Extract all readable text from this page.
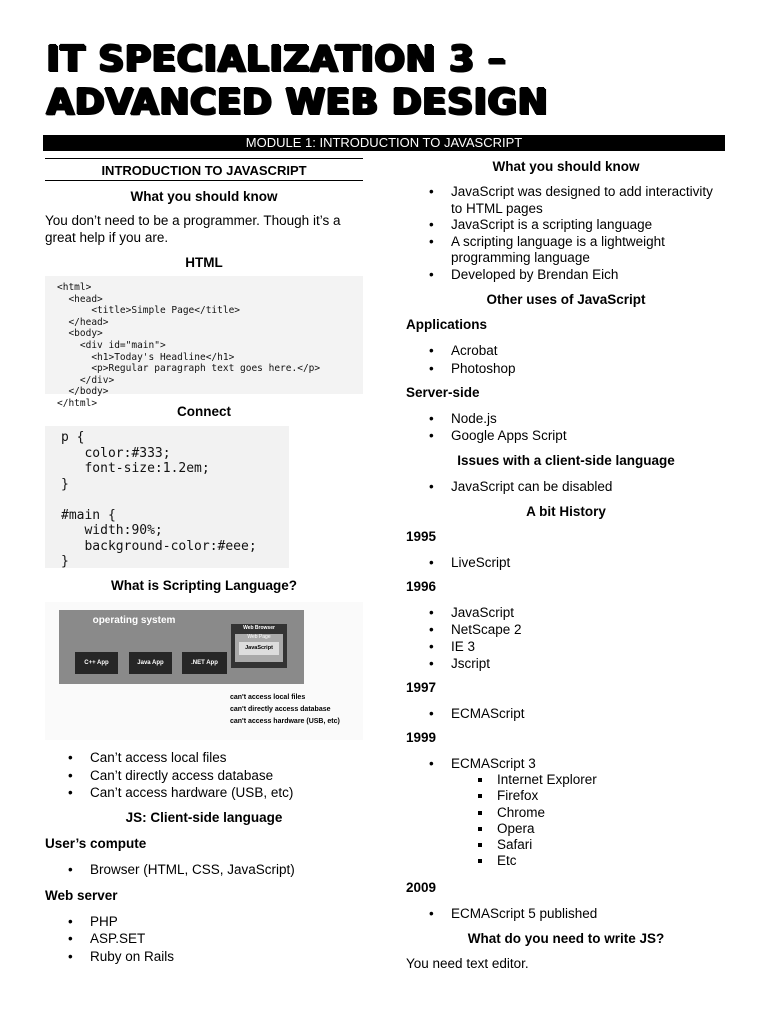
IT SPECIALIZATION 3 –
ADVANCED WEB DESIGN
MODULE 1: INTRODUCTION TO JAVASCRIPT
INTRODUCTION TO JAVASCRIPT

What you should know

You don’t need to be a programmer. Though it’s a great help if you are.

HTML

<html>
<head>
<title>Simple Page</title>
</head>
<body>
<div id="main">
<h1>Today's Headline</h1>
<p>Regular paragraph text goes here.</p>
</div>
</body>
</html>

Connect

p {
color:#333;
font-size:1.2em;
}

#main {
width:90%;
background-color:#eee;
}

What is Scripting Language?

operating system
C++ App	Java App	.NET App
Web Browser
Web Page
JavaScript
can't access local files
can't directly access database
can't access hardware (USB, etc)
• Can’t access local files
• Can’t directly access database
• Can’t access hardware (USB, etc)

JS: Client-side language

User’s compute

• Browser (HTML, CSS, JavaScript)

Web server

• PHP
• ASP.SET
• Ruby on Rails

What you should know

• JavaScript was designed to add interactivity to HTML pages
• JavaScript is a scripting language
• A scripting language is a lightweight programming language
• Developed by Brendan Eich

Other uses of JavaScript

Applications

• Acrobat
• Photoshop

Server-side

• Node.js
• Google Apps Script

Issues with a client-side language

• JavaScript can be disabled

A bit History

1995

• LiveScript

1996

• JavaScript
• NetScape 2
• IE 3
• Jscript

1997

• ECMAScript

1999

• ECMAScript 3
Internet Explorer
Firefox
Chrome
Opera
Safari
Etc

2009

• ECMAScript 5 published

What do you need to write JS?

You need text editor.
